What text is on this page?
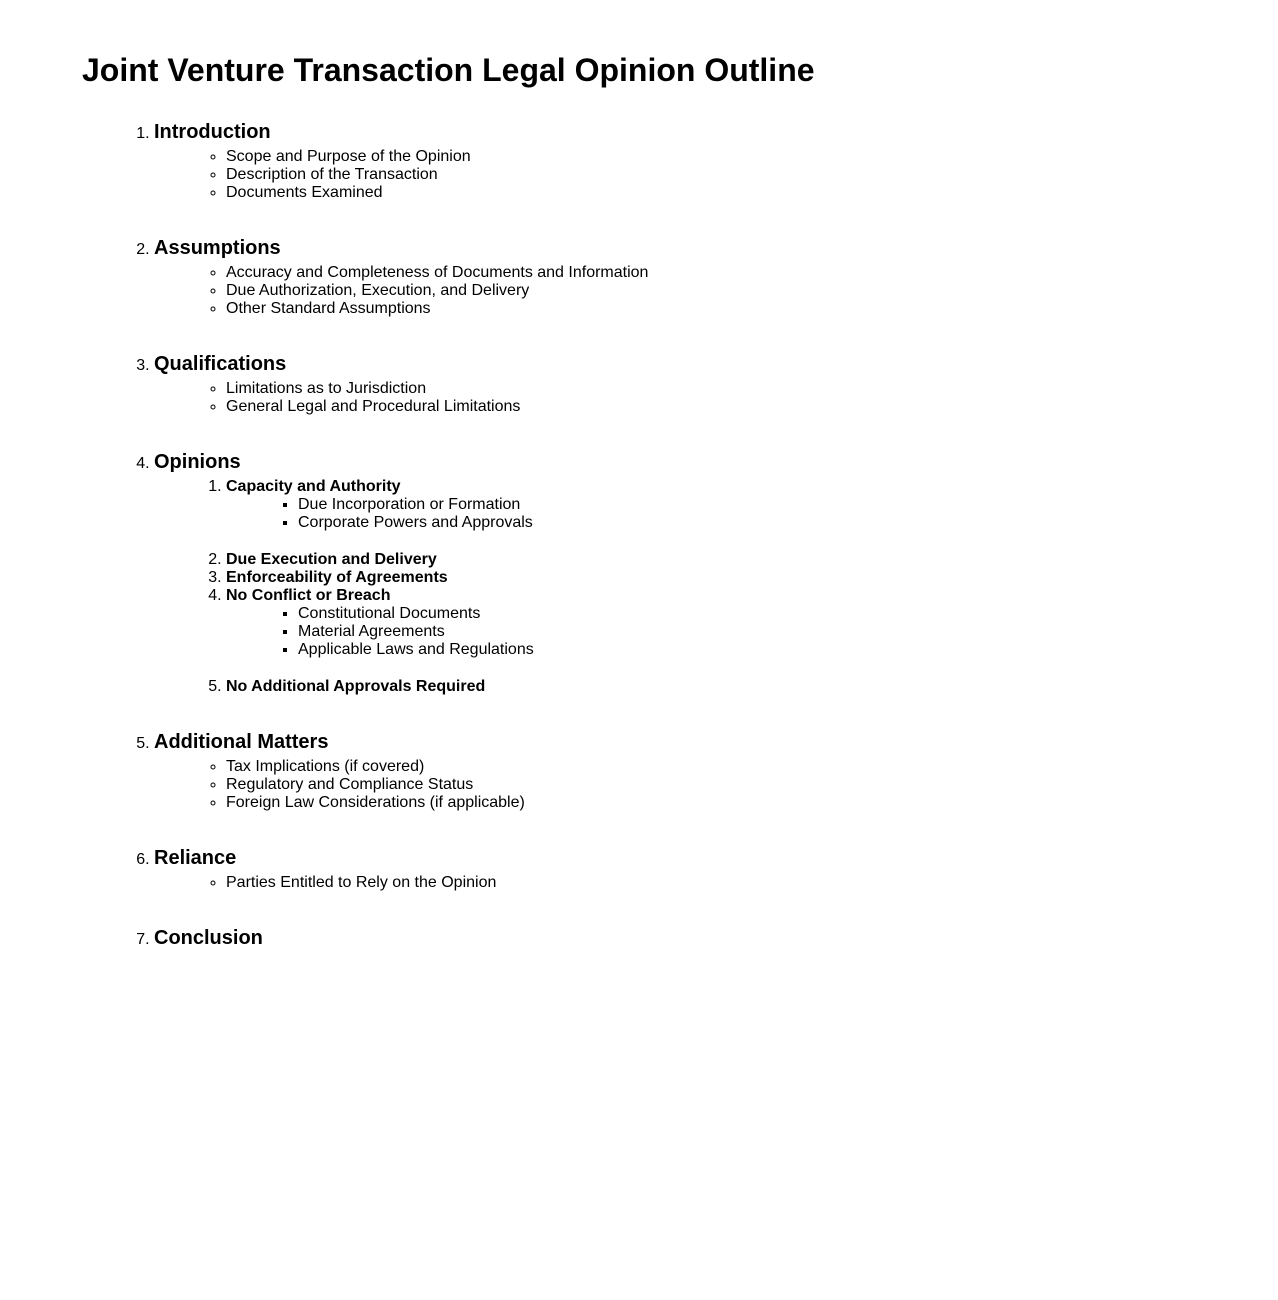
Joint Venture Transaction Legal Opinion Outline
1. Introduction
◦ Scope and Purpose of the Opinion
◦ Description of the Transaction
◦ Documents Examined
2. Assumptions
◦ Accuracy and Completeness of Documents and Information
◦ Due Authorization, Execution, and Delivery
◦ Other Standard Assumptions
3. Qualifications
◦ Limitations as to Jurisdiction
◦ General Legal and Procedural Limitations
4. Opinions
1. Capacity and Authority
▪ Due Incorporation or Formation
▪ Corporate Powers and Approvals
2. Due Execution and Delivery
3. Enforceability of Agreements
4. No Conflict or Breach
▪ Constitutional Documents
▪ Material Agreements
▪ Applicable Laws and Regulations
5. No Additional Approvals Required
5. Additional Matters
◦ Tax Implications (if covered)
◦ Regulatory and Compliance Status
◦ Foreign Law Considerations (if applicable)
6. Reliance
◦ Parties Entitled to Rely on the Opinion
7. Conclusion
